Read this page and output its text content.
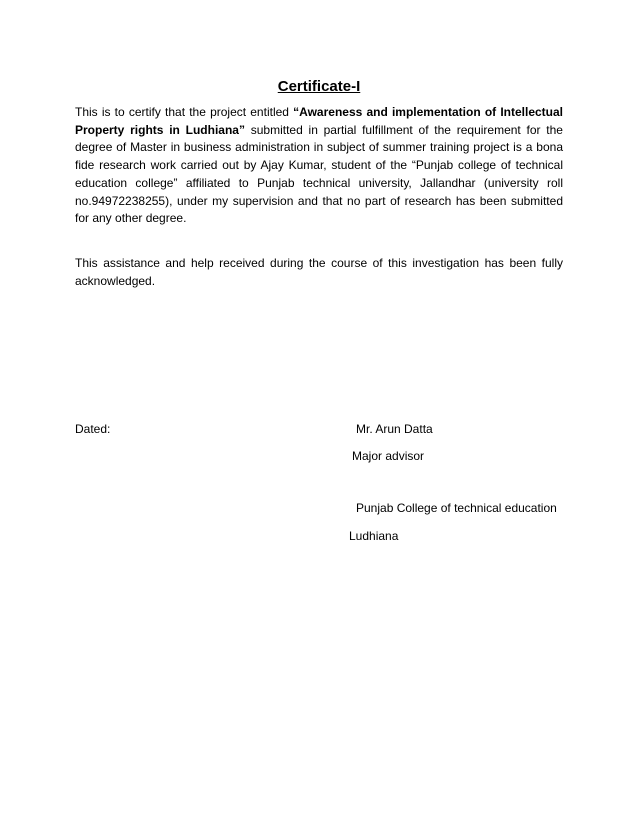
Certificate-I

This is to certify that the project entitled “Awareness and implementation of Intellectual Property rights in Ludhiana” submitted in partial fulfillment of the requirement for the degree of Master in business administration in subject of summer training project is a bona fide research work carried out by Ajay Kumar, student of the “Punjab college of technical education college” affiliated to Punjab technical university, Jallandhar (university roll no.94972238255), under my supervision and that no part of research has been submitted for any other degree.

This assistance and help received during the course of this investigation has been fully acknowledged.

Dated:	Mr. Arun Datta

Major advisor

Punjab College of technical education

Ludhiana
